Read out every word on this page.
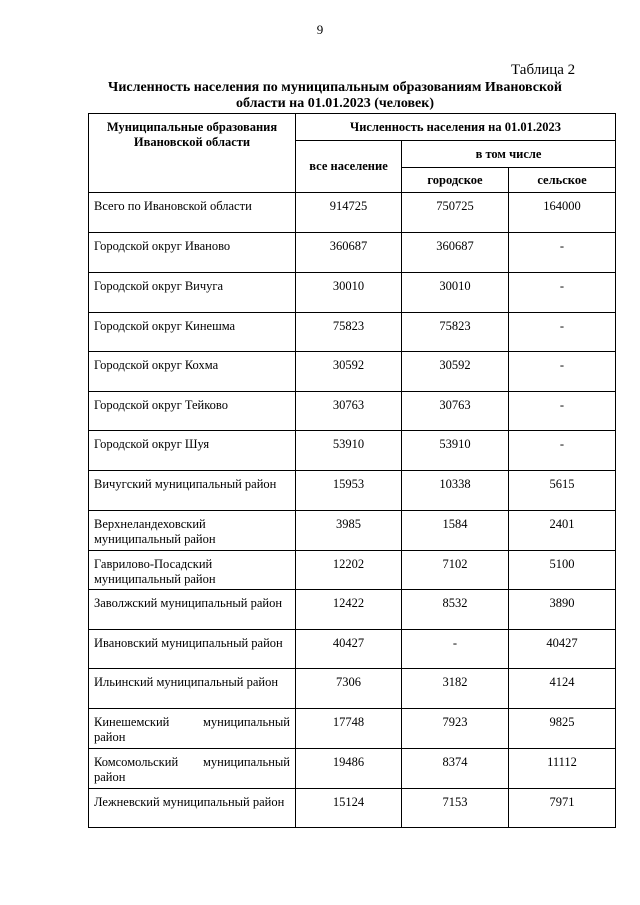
9
Таблица 2
Численность населения по муниципальным образованиям Ивановской области на 01.01.2023 (человек)
Муниципальные образования Ивановской области	Численность населения на 01.01.2023		
	все население	в том числе	
		городское	сельское
Всего по Ивановской области	914725	750725	164000
Городской округ Иваново	360687	360687	-
Городской округ Вичуга	30010	30010	-
Городской округ Кинешма	75823	75823	-
Городской округ Кохма	30592	30592	-
Городской округ Тейково	30763	30763	-
Городской округ Шуя	53910	53910	-
Вичугский муниципальный район	15953	10338	5615
Верхнеландеховский муниципальный район	3985	1584	2401
Гаврилово-Посадский муниципальный район	12202	7102	5100
Заволжский муниципальный район	12422	8532	3890
Ивановский муниципальный район	40427	-	40427
Ильинский муниципальный район	7306	3182	4124
Кинешемский муниципальный район	17748	7923	9825
Комсомольский муниципальный район	19486	8374	11112
Лежневский муниципальный район	15124	7153	7971
